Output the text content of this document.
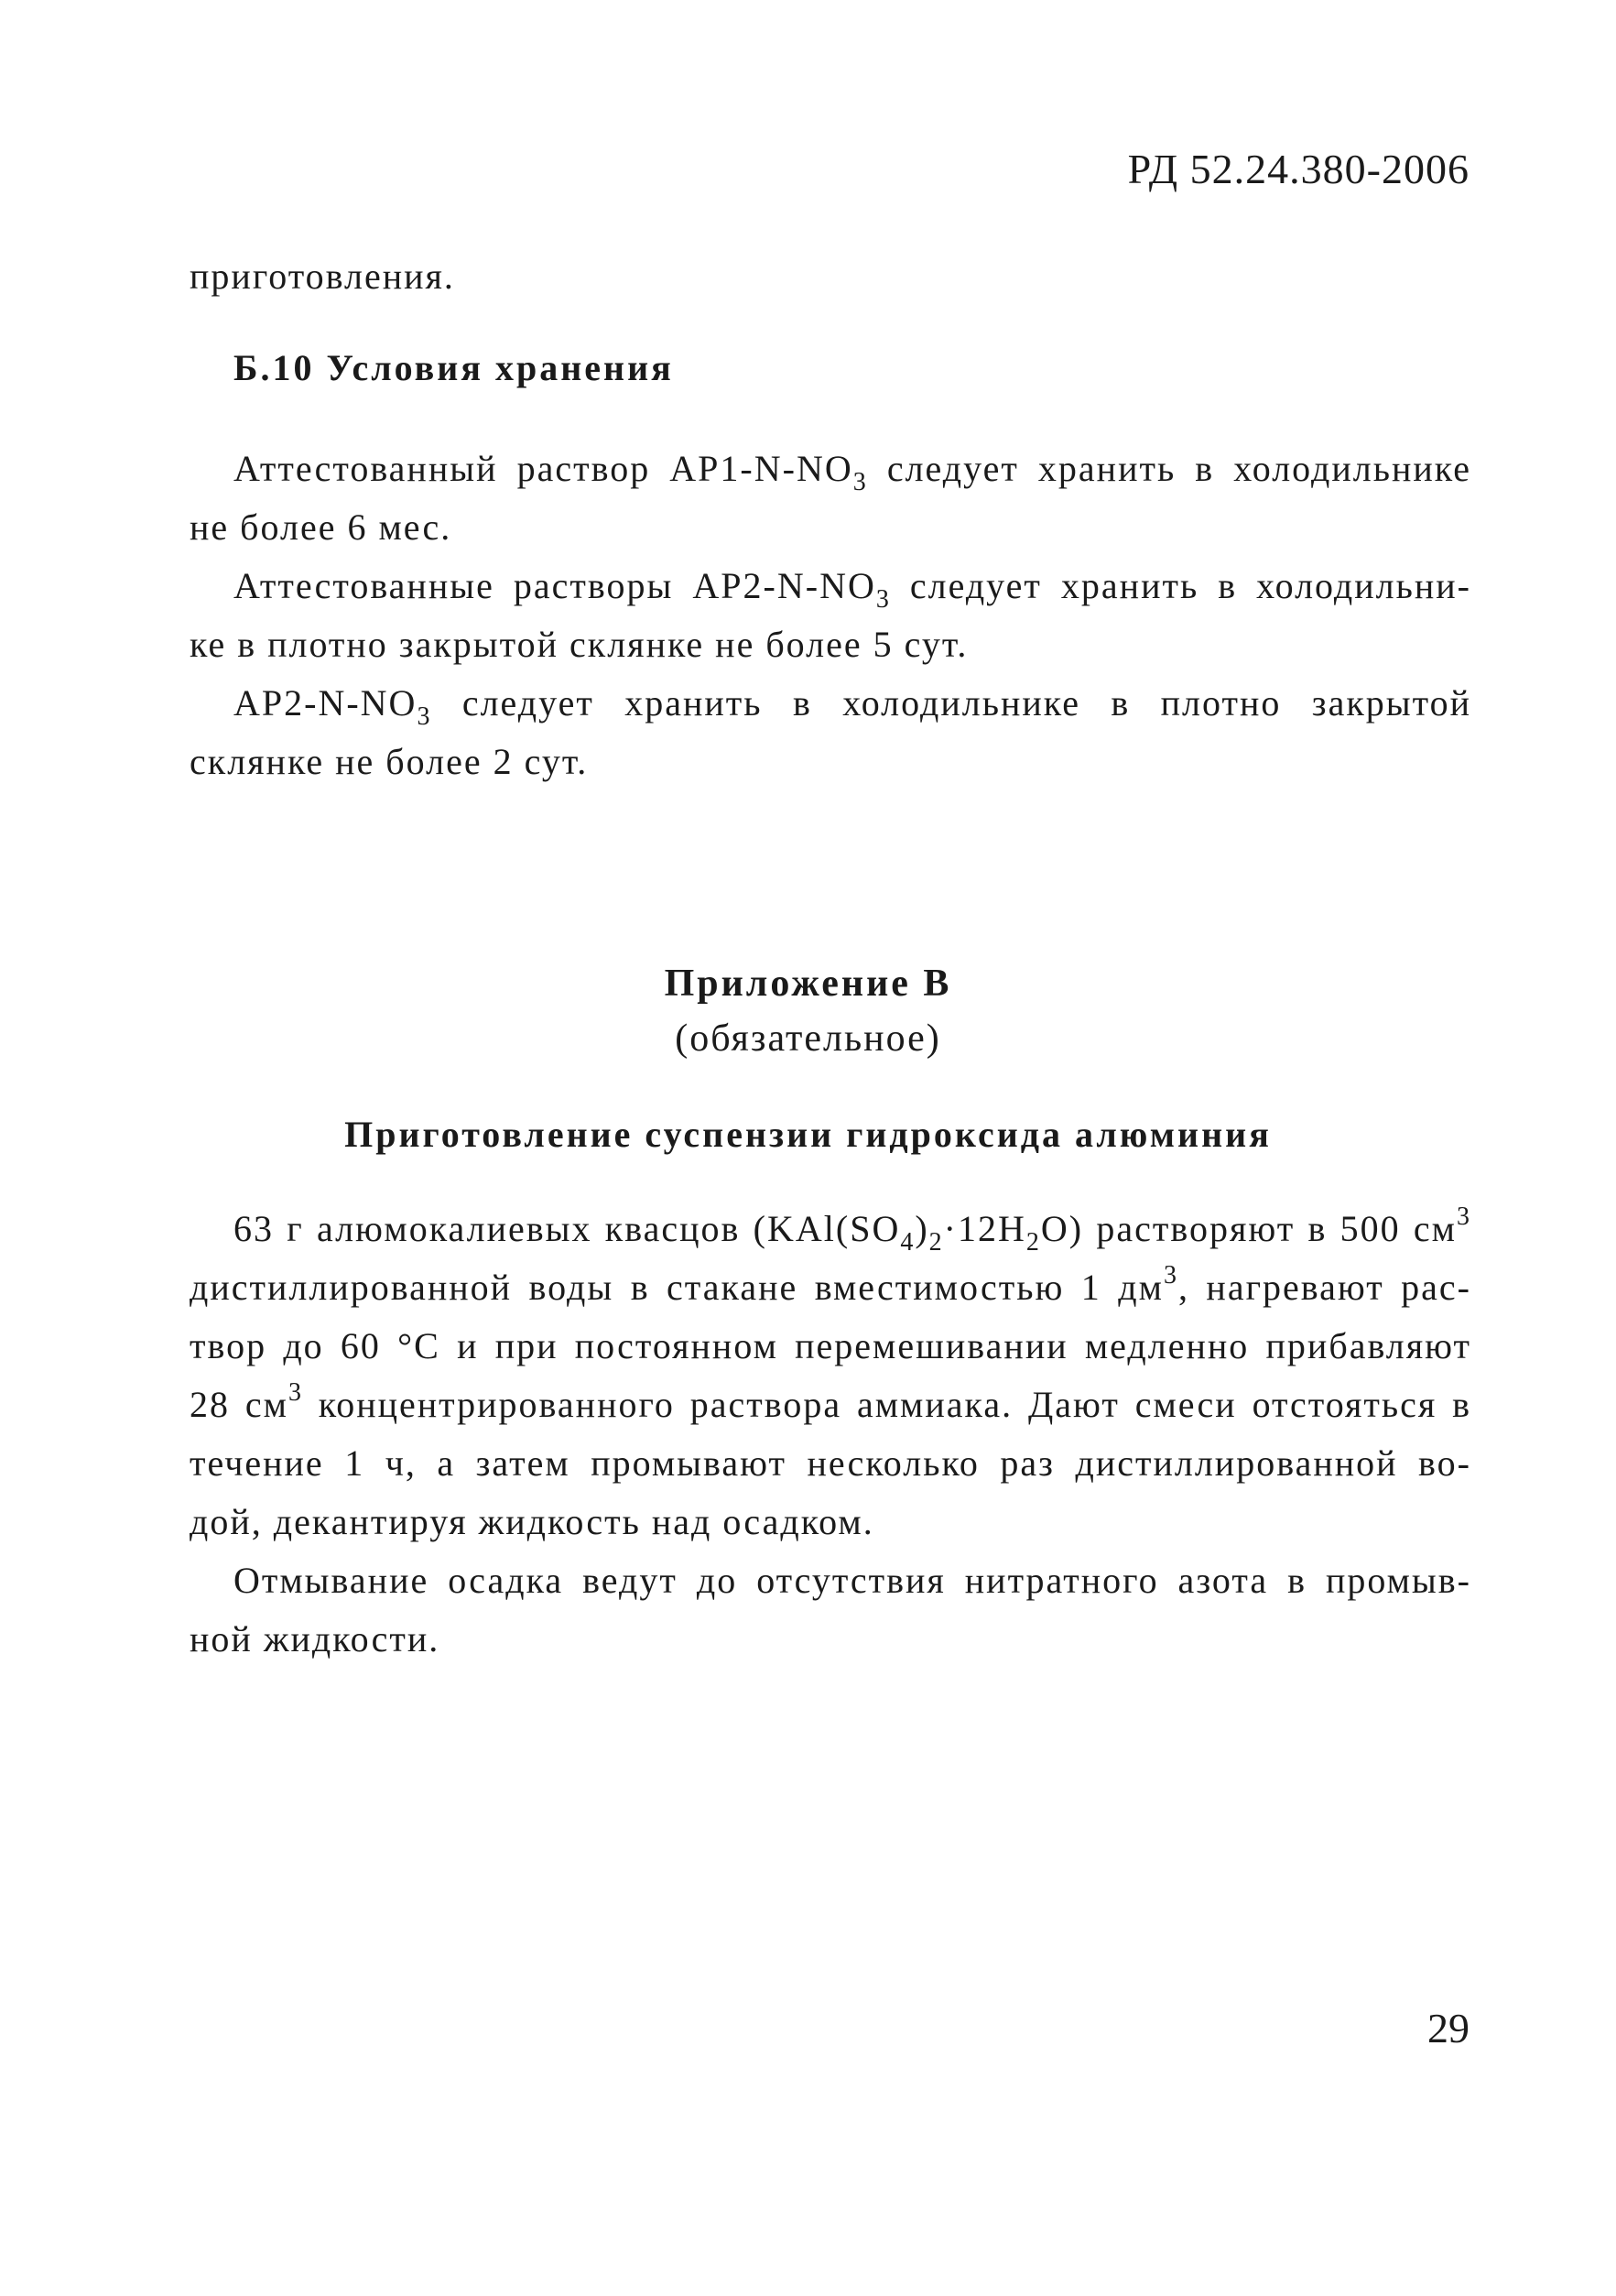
РД 52.24.380-2006
приготовления.
Б.10 Условия хранения
Аттестованный раствор $АР1-N-NO_3$ следует хранить в холодильнике
не более 6 мес.
Аттестованные растворы $АР2-N-NO_3$ следует хранить в холодильни-
ке в плотно закрытой склянке не более 5 сут.
$АР2-N-NO_3$ следует хранить в холодильнике в плотно закрытой
склянке не более 2 сут.
Приложение В
(обязательное)
Приготовление суспензии гидроксида алюминия
63 г алюмокалиевых квасцов $(KAl(SO_4)_2\cdot 12H_2O)$ растворяют в 500 $см^3$
дистиллированной воды в стакане вместимостью 1 $дм^3$, нагревают рас-
твор до 60 °С и при постоянном перемешивании медленно прибавляют
28 $см^3$ концентрированного раствора аммиака. Дают смеси отстояться в
течение 1 ч, а затем промывают несколько раз дистиллированной во-
дой, декантируя жидкость над осадком.
Отмывание осадка ведут до отсутствия нитратного азота в промыв-
ной жидкости.
29
